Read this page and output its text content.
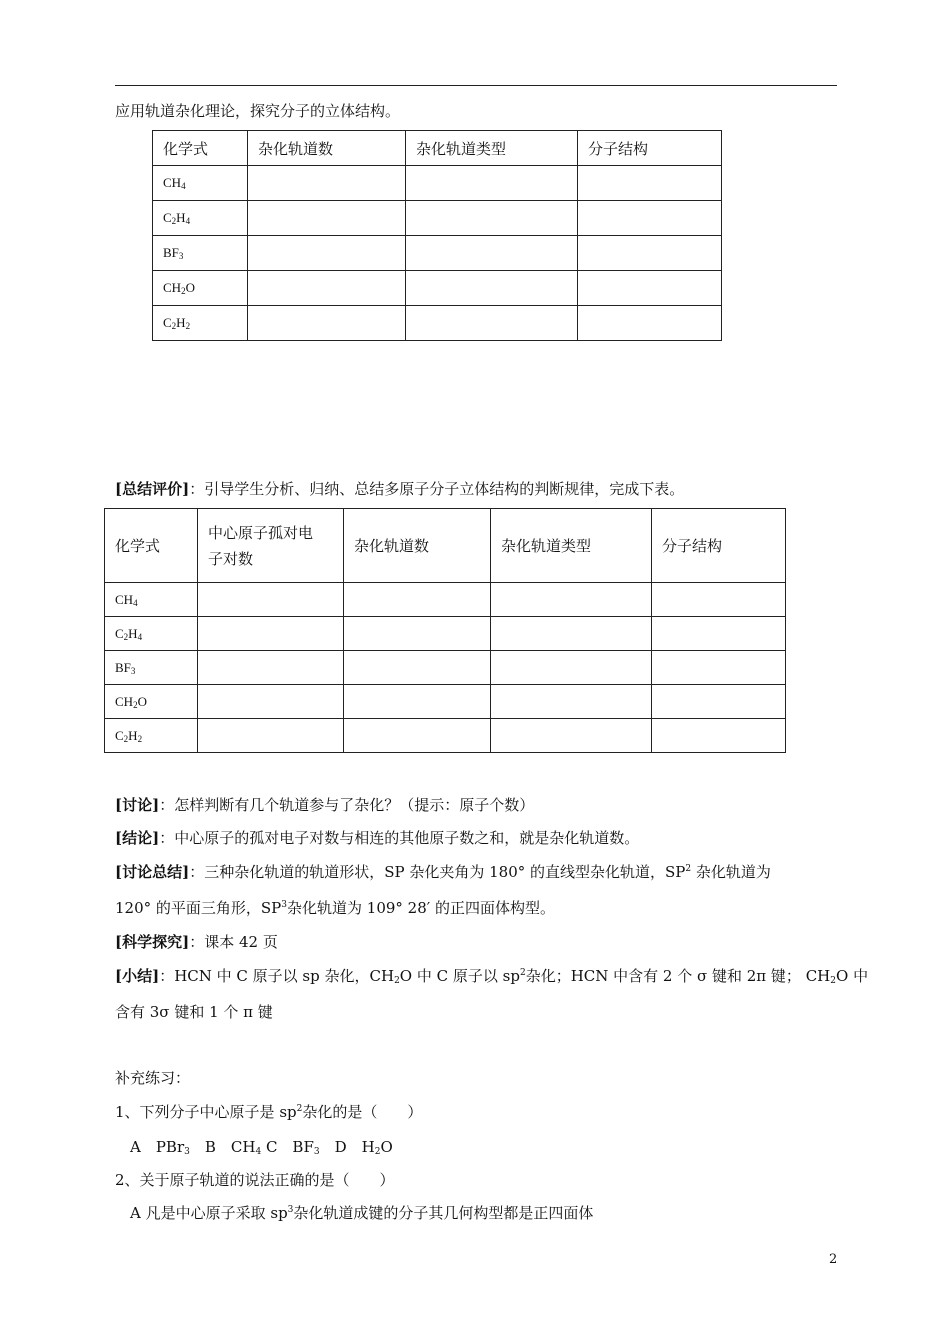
应用轨道杂化理论，探究分子的立体结构。
化学式	杂化轨道数	杂化轨道类型	分子结构
$CH_4$			
$C_2H_4$			
$BF_3$			
$CH_2O$			
$C_2H_2$			
[总结评价]：引导学生分析、归纳、总结多原子分子立体结构的判断规律，完成下表。
化学式	中心原子孤对电
子对数	杂化轨道数	杂化轨道类型	分子结构
$CH_4$				
$C_2H_4$				
$BF_3$				
$CH_2O$				
$C_2H_2$				
[讨论]：怎样判断有几个轨道参与了杂化？（提示：原子个数）
[结论]：中心原子的孤对电子对数与相连的其他原子数之和，就是杂化轨道数。
[讨论总结]：三种杂化轨道的轨道形状，SP 杂化夹角为 180° 的直线型杂化轨道，$SP^2$ 杂化轨道为
120° 的平面三角形，$SP^3$杂化轨道为 109° 28′ 的正四面体构型。
[科学探究]：课本 42 页
[小结]：HCN 中 C 原子以 sp 杂化，$CH_2O$ 中 C 原子以 $sp^2$杂化；HCN 中含有 2 个 σ 键和 2π 键； $CH_2O$ 中
含有 3σ 键和 1 个 π 键
补充练习：
1、下列分子中心原子是 $sp^2$杂化的是（　　）
A　PBr$_3$　B　$CH_4$ C　$BF_3$　D　$H_2O$
2、关于原子轨道的说法正确的是（　　）
A 凡是中心原子采取 $sp^3$杂化轨道成键的分子其几何构型都是正四面体
2
